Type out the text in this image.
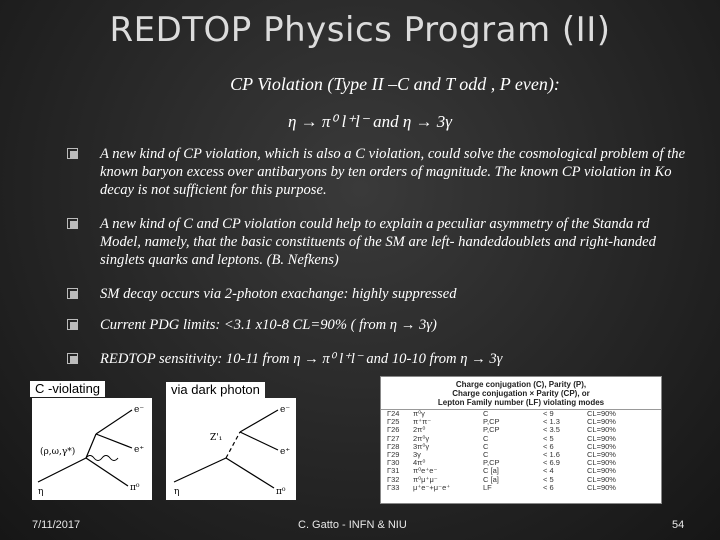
REDTOP Physics Program (II)
CP Violation (Type II –C and T odd , P even):
η → π⁰ l⁺l⁻ and η → 3γ
A new kind of CP violation, which is also a C violation, could solve the cosmological problem of the known baryon excess over antibaryons by ten orders of magnitude. The known CP violation in Ko decay is not sufficient for this purpose.
A new kind of C and CP violation could help to explain a peculiar asymmetry of the Standa rd Model, namely, that the basic constituents of the SM are left- handeddoublets and right-handed singlets quarks and leptons. (B. Nefkens)
SM decay occurs via 2-photon exachange: highly suppressed
Current PDG limits: <3.1 x10-8 CL=90% ( from η → 3γ)
REDTOP sensitivity: 10-11 from η → π⁰ l⁺l⁻ and 10-10 from η → 3γ
C -violating	via dark photon
(ρ,ω,γ*)
η
e⁻
e⁺
π⁰
Z'₁
η
e⁻
e⁺
π⁰
Charge conjugation (C), Parity (P),
Charge conjugation × Parity (CP), or
Lepton Family number (LF) violating modes
Γ24	π⁰γ	C	< 9	CL=90%
Γ25	π⁺π⁻	P,CP	< 1.3	CL=90%
Γ26	2π⁰	P,CP	< 3.5	CL=90%
Γ27	2π⁰γ	C	< 5	CL=90%
Γ28	3π⁰γ	C	< 6	CL=90%
Γ29	3γ	C	< 1.6	CL=90%
Γ30	4π⁰	P,CP	< 6.9	CL=90%
Γ31	π⁰e⁺e⁻	C [a]	< 4	CL=90%
Γ32	π⁰μ⁺μ⁻	C [a]	< 5	CL=90%
Γ33	μ⁺e⁻+μ⁻e⁺	LF	< 6	CL=90%
7/11/2017	C. Gatto - INFN & NIU	54
